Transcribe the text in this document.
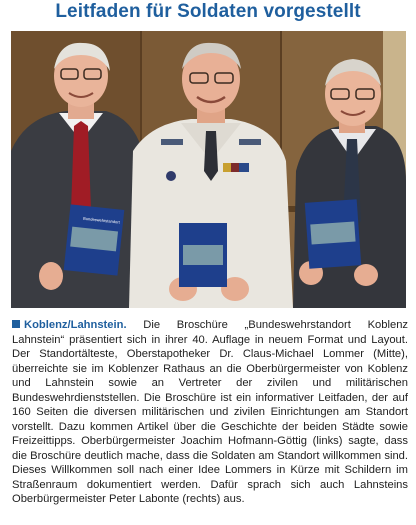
Leitfaden für Soldaten vorgestellt
Bundeswehrstandort
Koblenz/Lahnstein. Die Broschüre „Bundeswehrstandort Koblenz Lahnstein“ präsentiert sich in ihrer 40. Auflage in neuem Format und Layout. Der Standortälteste, Oberstapotheker Dr. Claus-Michael Lommer (Mitte), überreichte sie im Koblenzer Rathaus an die Oberbürgermeister von Koblenz und Lahnstein sowie an Vertreter der zivilen und militärischen Bundeswehrdienststellen. Die Broschüre ist ein informativer Leitfaden, der auf 160 Seiten die diversen militärischen und zivilen Einrichtungen am Standort vorstellt. Dazu kommen Artikel über die Geschichte der beiden Städte sowie Freizeittipps. Oberbürgermeister Joachim Hofmann-Göttig (links) sagte, dass die Broschüre deutlich mache, dass die Soldaten am Standort willkommen sind. Dieses Willkommen soll nach einer Idee Lommers in Kürze mit Schildern im Straßenraum dokumentiert werden. Dafür sprach sich auch Lahnsteins Oberbürgermeister Peter Labonte (rechts) aus.
